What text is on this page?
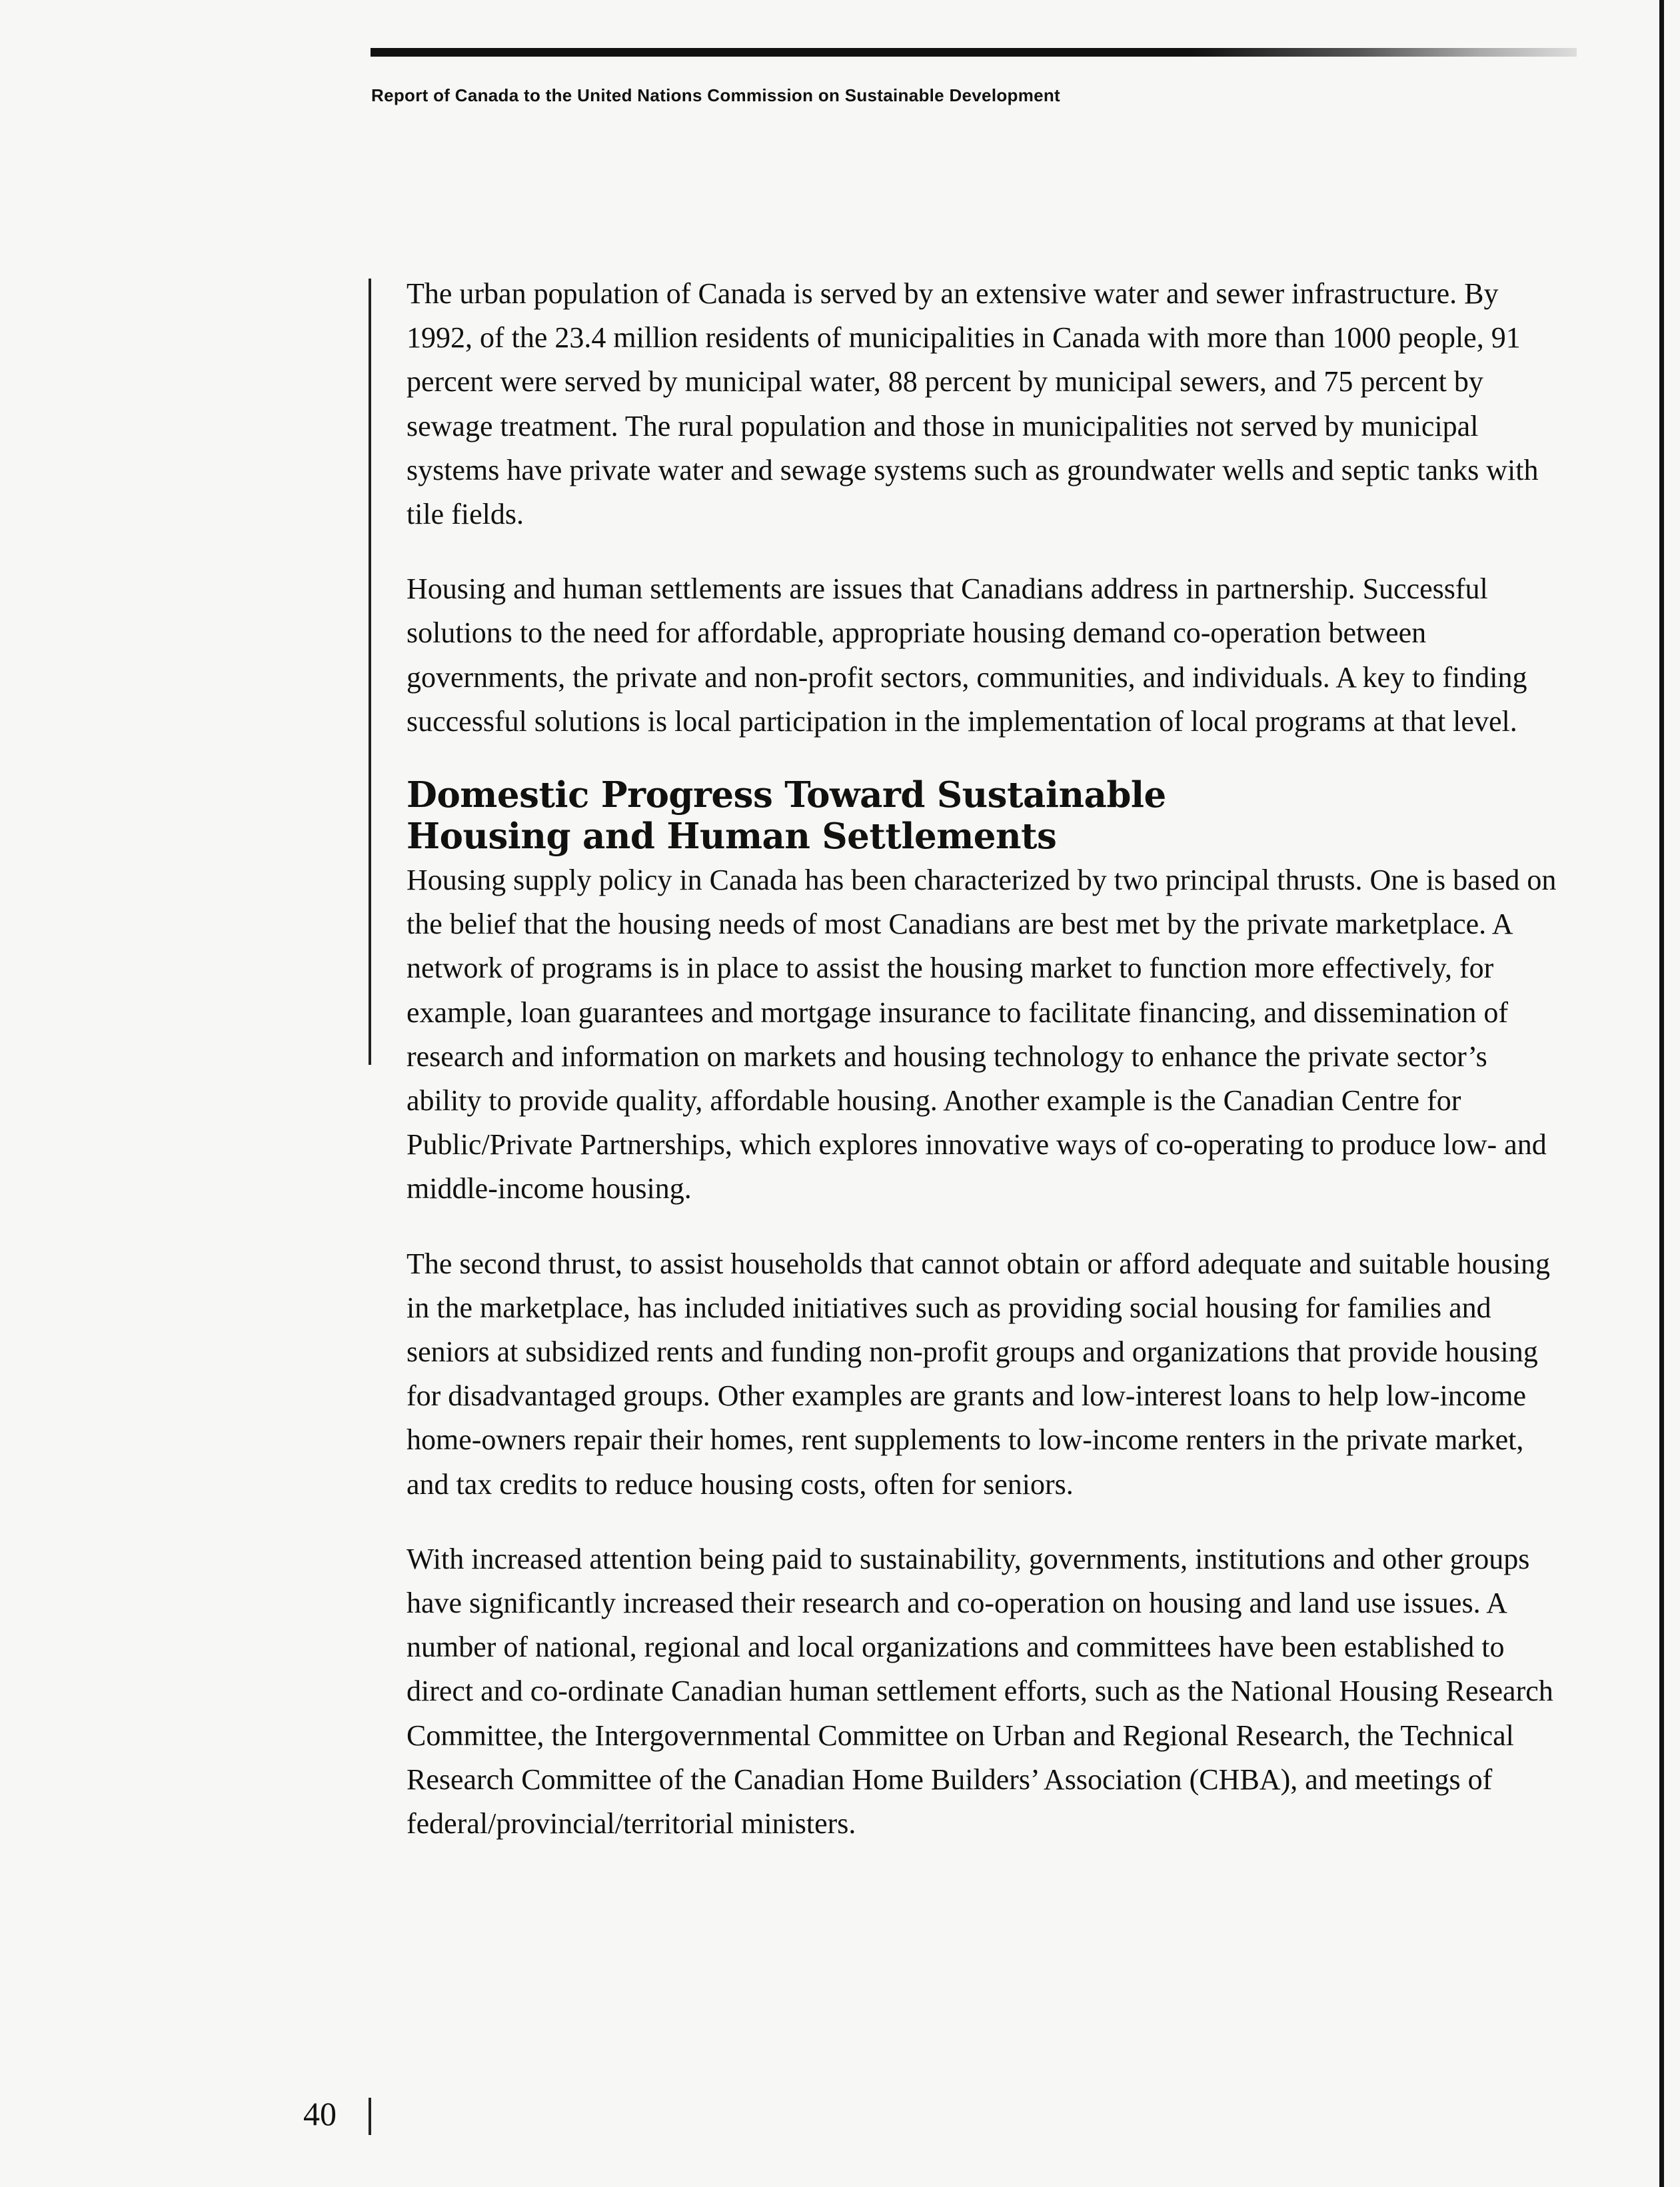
Report of Canada to the United Nations Commission on Sustainable Development

The urban population of Canada is served by an extensive water and sewer infrastructure. By 1992, of the 23.4 million residents of municipalities in Canada with more than 1000 people, 91 percent were served by municipal water, 88 percent by municipal sewers, and 75 percent by sewage treatment. The rural population and those in municipalities not served by municipal systems have private water and sewage systems such as groundwater wells and septic tanks with tile fields.

Housing and human settlements are issues that Canadians address in partnership. Successful solutions to the need for affordable, appropriate housing demand co-operation between governments, the private and non-profit sectors, communities, and individuals. A key to finding successful solutions is local participation in the implementation of local programs at that level.

Domestic Progress Toward Sustainable
Housing and Human Settlements

Housing supply policy in Canada has been characterized by two principal thrusts. One is based on the belief that the housing needs of most Canadians are best met by the private marketplace. A network of programs is in place to assist the housing market to function more effectively, for example, loan guarantees and mortgage insurance to facilitate financing, and dissemination of research and information on markets and housing technology to enhance the private sector’s ability to provide quality, affordable housing. Another example is the Canadian Centre for Public/Private Partnerships, which explores innovative ways of co-operating to produce low- and middle-income housing.

The second thrust, to assist households that cannot obtain or afford adequate and suitable housing in the marketplace, has included initiatives such as providing social housing for families and seniors at subsidized rents and funding non-profit groups and organizations that provide housing for disadvantaged groups. Other examples are grants and low-interest loans to help low-income home-owners repair their homes, rent supplements to low-income renters in the private market, and tax credits to reduce housing costs, often for seniors.

With increased attention being paid to sustainability, governments, institutions and other groups have significantly increased their research and co-operation on housing and land use issues. A number of national, regional and local organizations and committees have been established to direct and co-ordinate Canadian human settlement efforts, such as the National Housing Research Committee, the Intergovernmental Committee on Urban and Regional Research, the Technical Research Committee of the Canadian Home Builders’ Association (CHBA), and meetings of federal/provincial/territorial ministers.

40
